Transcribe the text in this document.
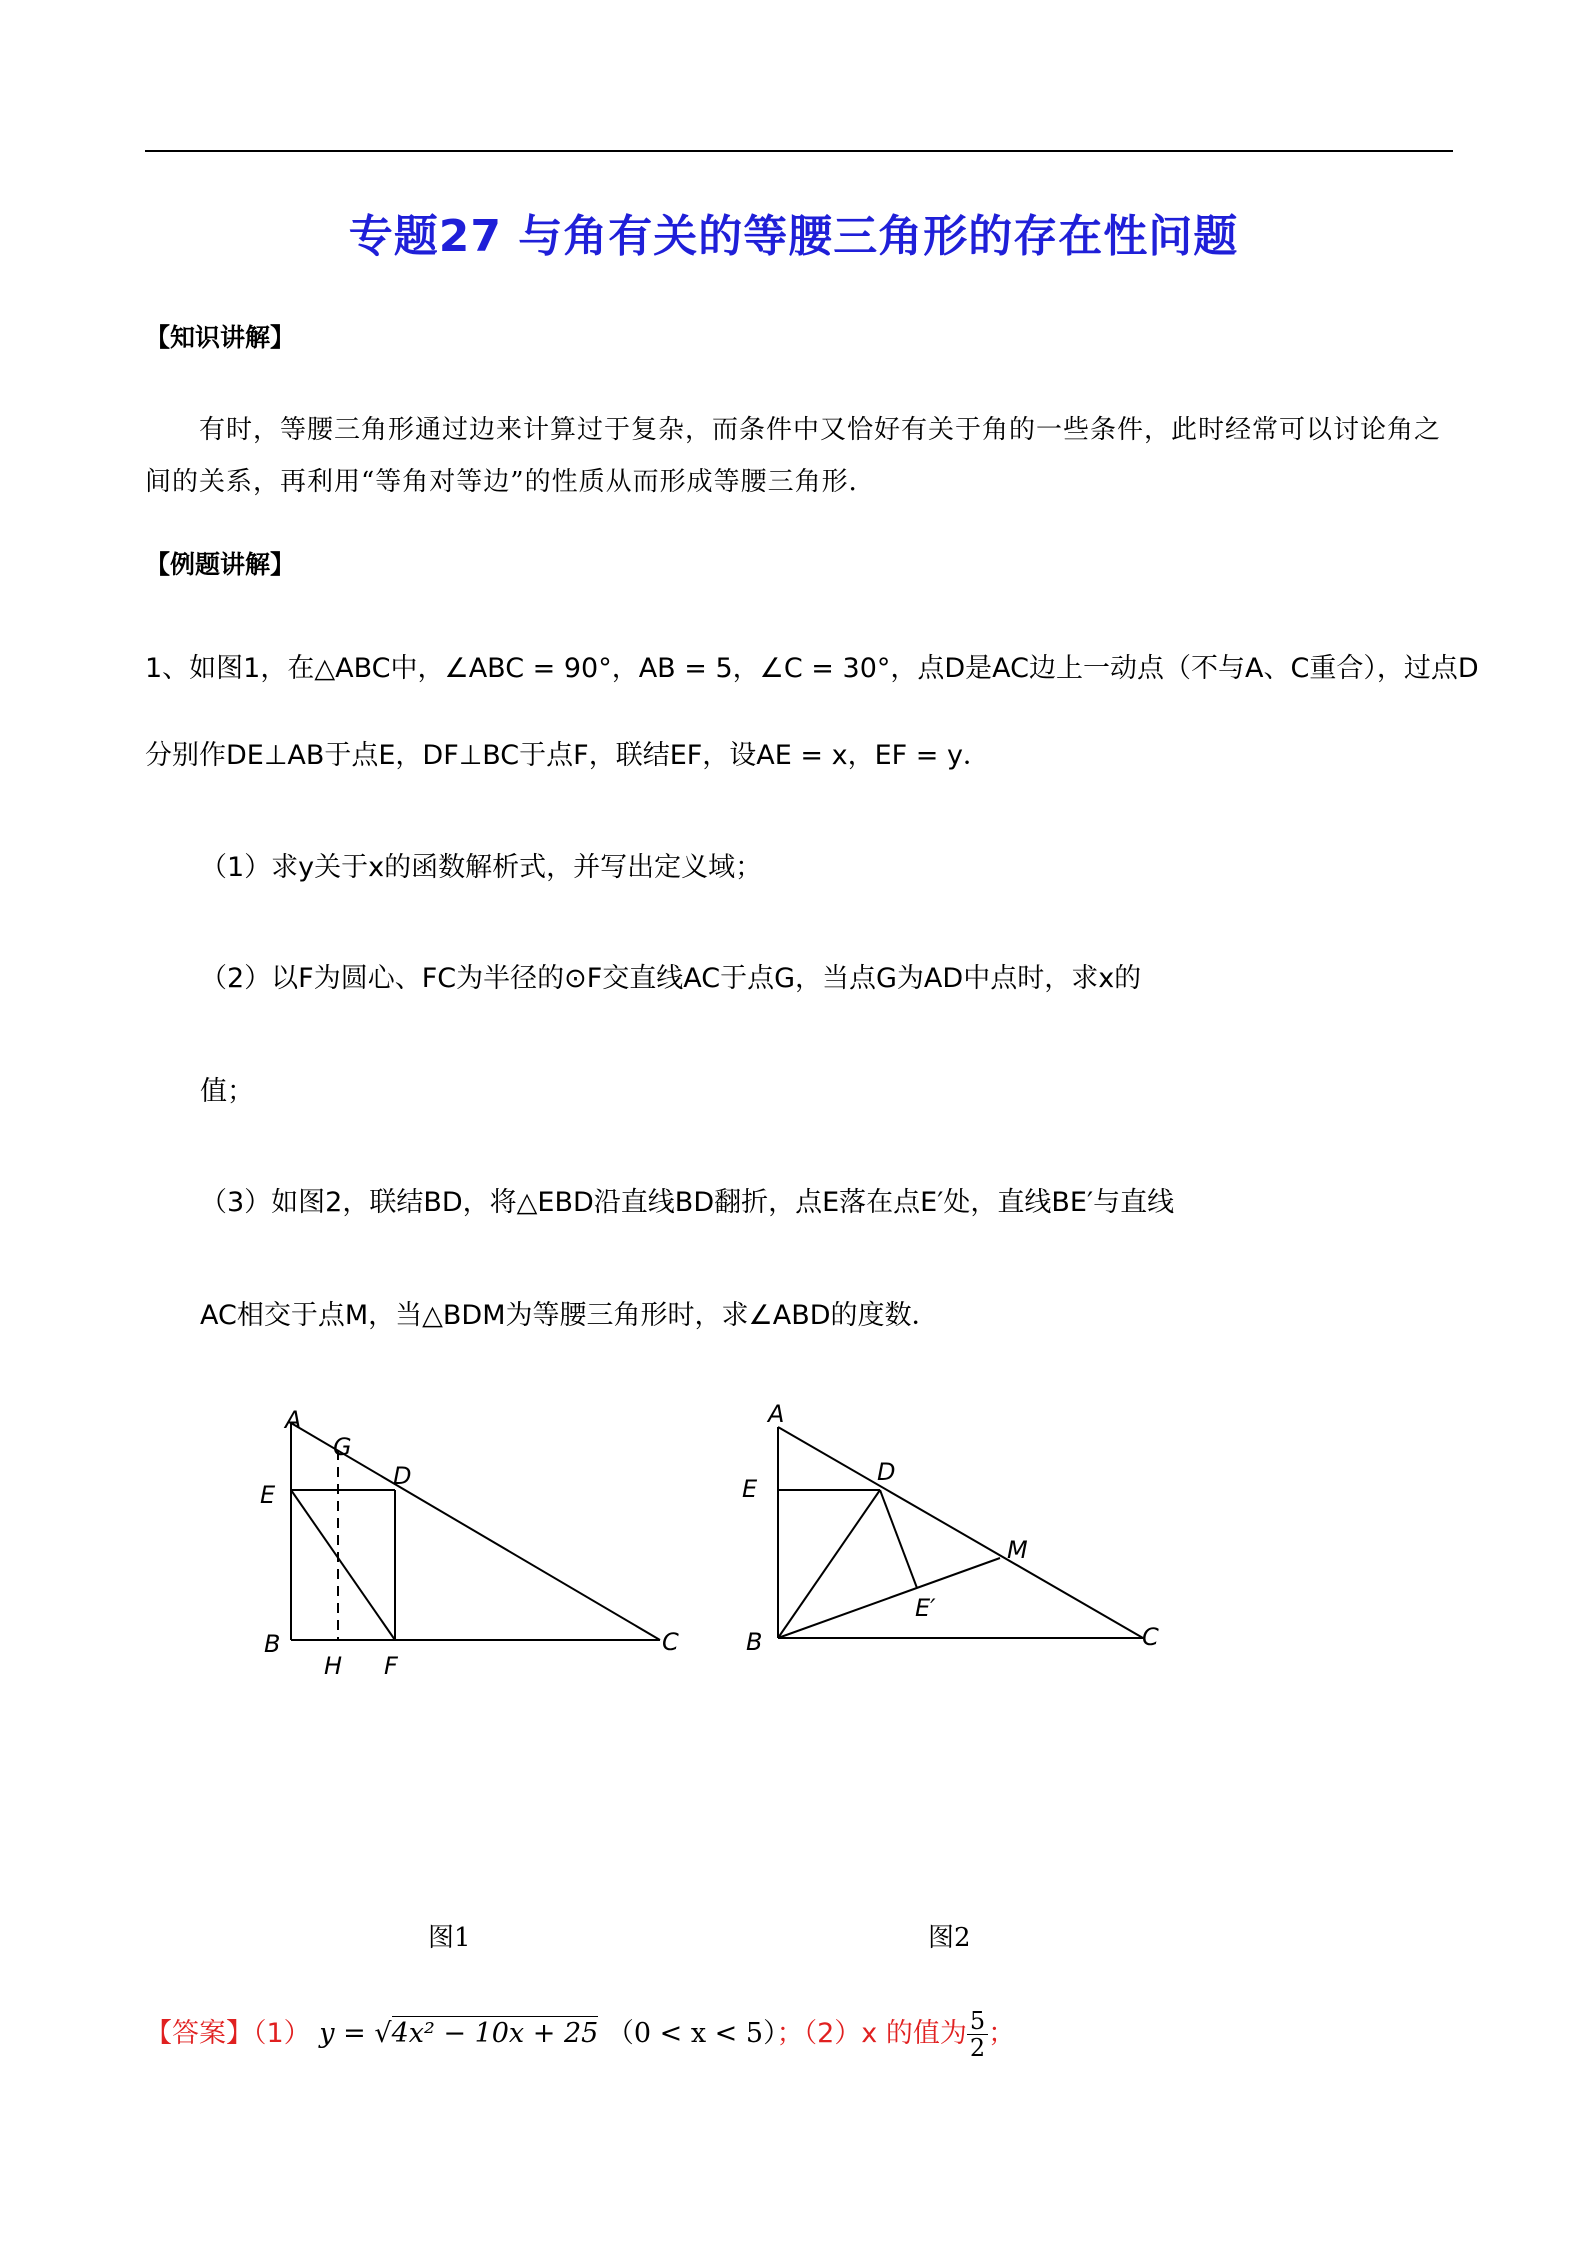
专题27 与角有关的等腰三角形的存在性问题
【知识讲解】
有时，等腰三角形通过边来计算过于复杂，而条件中又恰好有关于角的一些条件，此时经常可以讨论角之间的关系，再利用“等角对等边”的性质从而形成等腰三角形．
【例题讲解】
1、如图1，在△ABC中，∠ABC = 90°，AB = 5，∠C = 30°，点D是AC边上一动点（不与A、C重合），过点D
分别作DE⊥AB于点E，DF⊥BC于点F，联结EF，设AE = x，EF = y．
（1）求y关于x的函数解析式，并写出定义域；
（2）以F为圆心、FC为半径的⊙F交直线AC于点G，当点G为AD中点时，求x的
值；
（3）如图2，联结BD，将△EBD沿直线BD翻折，点E落在点E′处，直线BE′与直线
AC相交于点M，当△BDM为等腰三角形时，求∠ABD的度数．
A
G
D
E
B
H F
C
A
D
E
M
E′
B	C
图1	图2
【答案】（1） y = √4x² − 10x + 25 （0 < x < 5）；（2）x 的值为 $\frac{5}{2}$ ；
